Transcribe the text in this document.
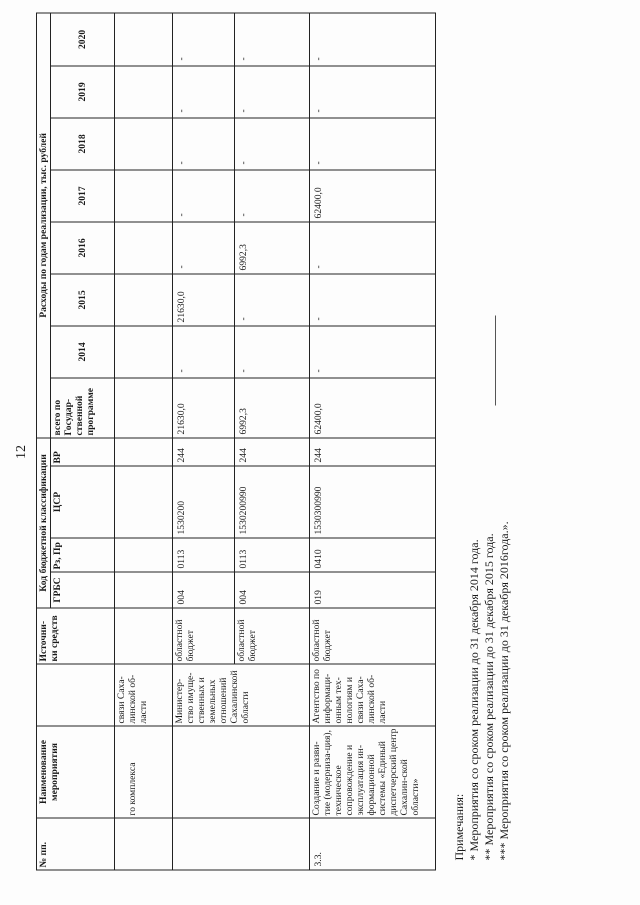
12
№ пп.	Наименование мероприятия		Источни-ки средств	Код бюджетной классификации				Расходы по годам реализации, тыс. рублей							
				ГРБС	Рз, Пр	ЦСР	ВР	всего по Государ-ственной программе	2014	2015	2016	2017	2018	2019	2020
	го комплекса	связи Саха-линской об-ласти													
		Министер-ство имуще-ственных и земельных отношений Сахалинской области	областной бюджет	004	0113	1530200	244	21630,0	-	21630,0	-	-	-	-	-
			областной бюджет	004	0113	1530200990	244	6992,3	-	-	6992,3	-	-	-	-
3.3.	Создание и разви-тие (модерниза-ция), техническое сопровождение и эксплуатация ин-формационной системы «Единый диспетчерский центр Сахалин-ской области»	Агентство по информаци-онным тех-нологиям и связи Саха-линской об-ласти	областной бюджет	019	0410	1530300990	244	62400,0	-	-	-	62400,0	-	-	-
Примечания: * Мероприятия со сроком реализации до 31 декабря 2014 года. ** Мероприятия со сроком реализации до 31 декабря 2015 года. *** Мероприятия со сроком реализации до 31 декабря 2016года.».
